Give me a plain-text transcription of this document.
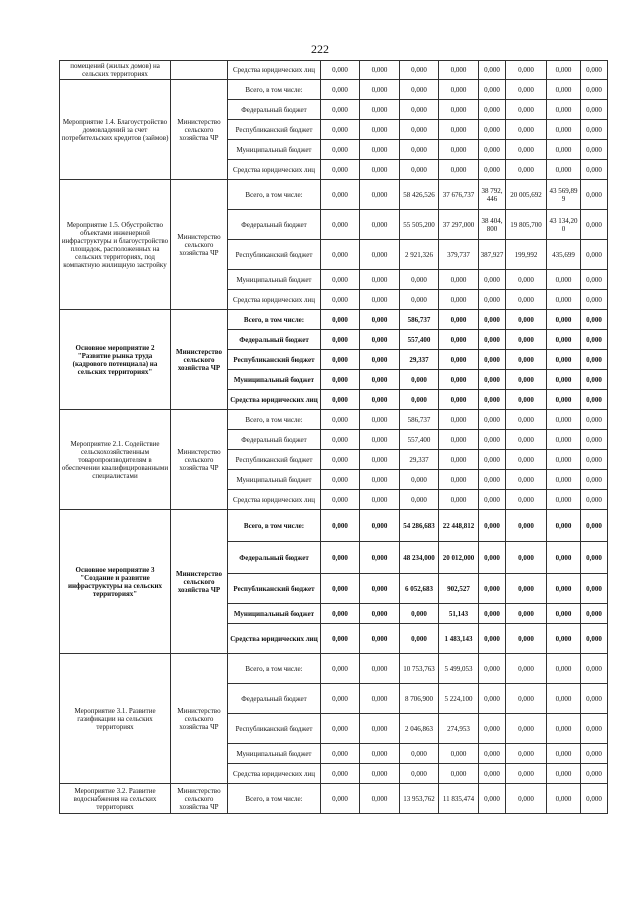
222
помещений (жилых домов) на сельских территориях		Средства юридических лиц	0,000	0,000	0,000	0,000	0,000	0,000	0,000	0,000
Мероприятие 1.4. Благоустройство домовладений за счет потребительских кредитов (займов)	Министерство сельского хозяйства ЧР	Всего, в том числе:	0,000	0,000	0,000	0,000	0,000	0,000	0,000	0,000
		Федеральный бюджет	0,000	0,000	0,000	0,000	0,000	0,000	0,000	0,000
		Республиканский бюджет	0,000	0,000	0,000	0,000	0,000	0,000	0,000	0,000
		Муниципальный бюджет	0,000	0,000	0,000	0,000	0,000	0,000	0,000	0,000
		Средства юридических лиц	0,000	0,000	0,000	0,000	0,000	0,000	0,000	0,000
Мероприятие 1.5. Обустройство объектами инженерной инфраструктуры и благоустройство площадок, расположенных на сельских территориях, под компактную жилищную застройку	Министерство сельского хозяйства ЧР	Всего, в том числе:	0,000	0,000	58 426,526	37 676,737	38 792,446	20 005,692	43 569,899	0,000
		Федеральный бюджет	0,000	0,000	55 505,200	37 297,000	38 404,800	19 805,700	43 134,200	0,000
		Республиканский бюджет	0,000	0,000	2 921,326	379,737	387,927	199,992	435,699	0,000
		Муниципальный бюджет	0,000	0,000	0,000	0,000	0,000	0,000	0,000	0,000
		Средства юридических лиц	0,000	0,000	0,000	0,000	0,000	0,000	0,000	0,000
Основное мероприятие 2 "Развитие рынка труда (кадрового потенциала) на сельских территориях"	Министерство сельского хозяйства ЧР	Всего, в том числе:	0,000	0,000	586,737	0,000	0,000	0,000	0,000	0,000
		Федеральный бюджет	0,000	0,000	557,400	0,000	0,000	0,000	0,000	0,000
		Республиканский бюджет	0,000	0,000	29,337	0,000	0,000	0,000	0,000	0,000
		Муниципальный бюджет	0,000	0,000	0,000	0,000	0,000	0,000	0,000	0,000
		Средства юридических лиц	0,000	0,000	0,000	0,000	0,000	0,000	0,000	0,000
Мероприятие 2.1. Содействие сельскохозяйственным товаропроизводителям в обеспечении квалифицированными специалистами	Министерство сельского хозяйства ЧР	Всего, в том числе:	0,000	0,000	586,737	0,000	0,000	0,000	0,000	0,000
		Федеральный бюджет	0,000	0,000	557,400	0,000	0,000	0,000	0,000	0,000
		Республиканский бюджет	0,000	0,000	29,337	0,000	0,000	0,000	0,000	0,000
		Муниципальный бюджет	0,000	0,000	0,000	0,000	0,000	0,000	0,000	0,000
		Средства юридических лиц	0,000	0,000	0,000	0,000	0,000	0,000	0,000	0,000
Основное мероприятие 3 "Создание и развитие инфраструктуры на сельских территориях"	Министерство сельского хозяйства ЧР	Всего, в том числе:	0,000	0,000	54 286,683	22 448,812	0,000	0,000	0,000	0,000
		Федеральный бюджет	0,000	0,000	48 234,000	20 012,000	0,000	0,000	0,000	0,000
		Республиканский бюджет	0,000	0,000	6 052,683	902,527	0,000	0,000	0,000	0,000
		Муниципальный бюджет	0,000	0,000	0,000	51,143	0,000	0,000	0,000	0,000
		Средства юридических лиц	0,000	0,000	0,000	1 483,143	0,000	0,000	0,000	0,000
Мероприятие 3.1. Развитие газификации на сельских территориях	Министерство сельского хозяйства ЧР	Всего, в том числе:	0,000	0,000	10 753,763	5 499,053	0,000	0,000	0,000	0,000
		Федеральный бюджет	0,000	0,000	8 706,900	5 224,100	0,000	0,000	0,000	0,000
		Республиканский бюджет	0,000	0,000	2 046,863	274,953	0,000	0,000	0,000	0,000
		Муниципальный бюджет	0,000	0,000	0,000	0,000	0,000	0,000	0,000	0,000
		Средства юридических лиц	0,000	0,000	0,000	0,000	0,000	0,000	0,000	0,000
Мероприятие 3.2. Развитие водоснабжения на сельских территориях	Министерство сельского хозяйства ЧР	Всего, в том числе:	0,000	0,000	13 953,762	11 835,474	0,000	0,000	0,000	0,000
